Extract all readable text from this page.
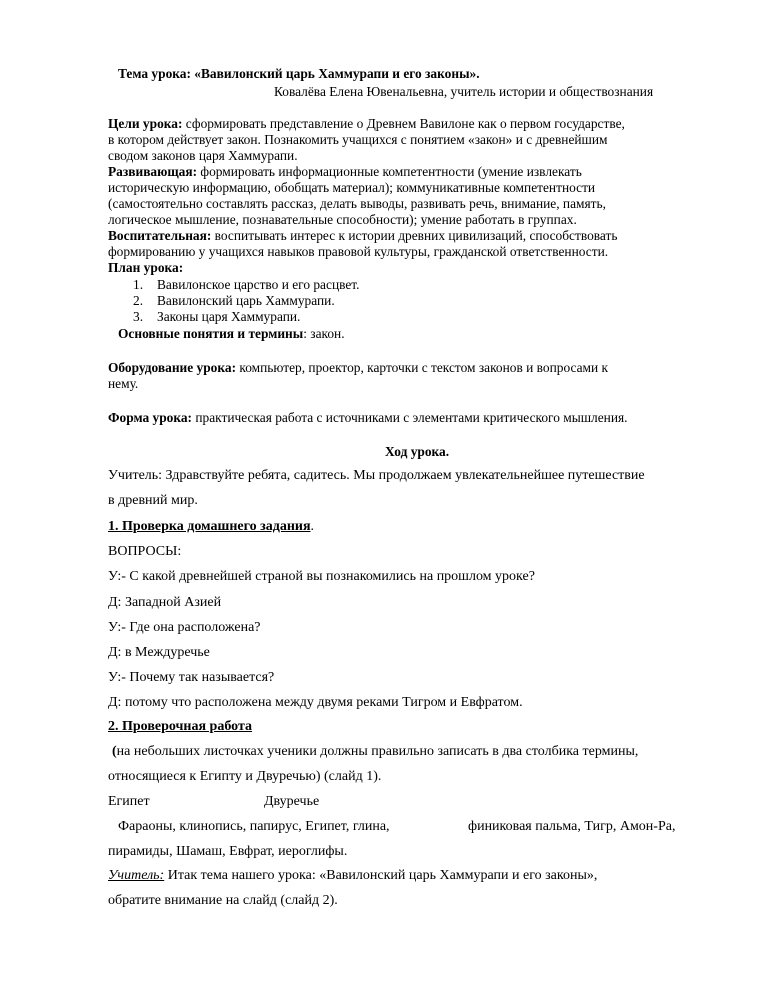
Тема урока: «Вавилонский царь Хаммурапи и его законы».
Ковалёва Елена Ювенальевна, учитель истории и обществознания
Цели урока: сформировать представление о Древнем Вавилоне как о первом государстве,
в котором действует закон. Познакомить учащихся с понятием «закон» и с древнейшим
сводом законов царя Хаммурапи.
Развивающая: формировать информационные компетентности (умение извлекать
историческую информацию, обобщать материал); коммуникативные компетентности
(самостоятельно составлять рассказ, делать выводы, развивать речь, внимание, память,
логическое мышление, познавательные способности); умение работать в группах.
Воспитательная: воспитывать интерес к истории древних цивилизаций, способствовать
формированию у учащихся навыков правовой культуры, гражданской ответственности.
План урока:
1. Вавилонское царство и его расцвет.
2. Вавилонский царь Хаммурапи.
3. Законы царя Хаммурапи.
Основные понятия и термины: закон.
Оборудование урока: компьютер, проектор, карточки с текстом законов и вопросами к
нему.
Форма урока: практическая работа с источниками с элементами критического мышления.
Ход урока.
Учитель: Здравствуйте ребята, садитесь. Мы продолжаем увлекательнейшее путешествие
в древний мир.
1. Проверка домашнего задания.
ВОПРОСЫ:
У:- С какой древнейшей страной вы познакомились на прошлом уроке?
Д: Западной Азией
У:- Где она расположена?
Д: в Междуречье
У:- Почему так называется?
Д: потому что расположена между двумя реками Тигром и Евфратом.
2. Проверочная работа
(на небольших листочках ученики должны правильно записать в два столбика термины,
относящиеся к Египту и Двуречью) (слайд 1).
Египет	Двуречье
Фараоны, клинопись, папирус, Египет, глина,	финиковая пальма, Тигр, Амон-Ра,
пирамиды, Шамаш, Евфрат, иероглифы.
Учитель: Итак тема нашего урока: «Вавилонский царь Хаммурапи и его законы»,
обратите внимание на слайд (слайд 2).
